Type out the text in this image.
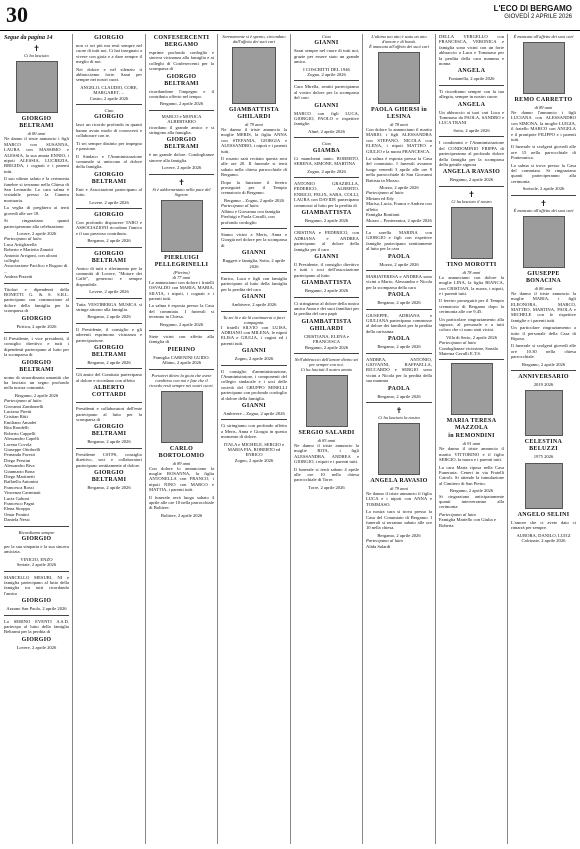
30	L'ECO DI BERGAMO
GIOVEDÌ 2 APRILE 2026
Segue da pagina 14
✝
Ci ha lasciato
GIORGIO BELTRAMI
di 80 anni

Ne danno il triste annuncio i figli MARCO con SUSANNA, LAURA con MASSIMO e ALESSIA, la sua amata ENNIO, i nipoti ALESSIA, LUCREZIA, BRIGIDA, i cognati e i parenti tutti.

Il suo ultimo saluto e la cerimonia funebre si terranno nella Chiesa di San Leonardo. Lo cara salma è visitabile presso la Camera mortuaria.

La veglia di preghiera ai terrà giovedì alle ore 18.

Si ringraziano quanti parteciperanno alla celebrazione.

Lovere, 2 aprile 2026
Partecipano al lutto:
Luca Artigliarella
Roberto e Marietta Zanotti
Antonio Arrigoni, con alcuni colleghi
Associazione Pacifico e Rogaro di ...
Andrea Pizzetti

Titolari e dipendenti della BONETTI G. & S. S.R.L. partecipano con commozione al dolore della famiglia per la scomparsa di

GIORGIO
Piritica, 2 aprile 2026

Il Presidente, i vice presidenti, il consiglio direttivo e tutti i dipendenti partecipano al lutto per la scomparsa di

GIORGIO BELTRAMI

uomo di straordinaria umanità che ha lasciato un segno profondo nella nostra comunità.

Bergamo, 2 aprile 2026
Partecipano al lutto:
Giovanni Zambonelli
Luciano Piretti
Cristian Ritti
Emiliano Amadei
Rita Rondelli
Roberto Cappelli
Alessandro Capelli
Lorena Covola
Giuseppe Ottobrelli
Fernanda Foresti
Diego Prestini
Alessandro Riva
Gianmario Bona
Diego Martinetti
Raffaella Antonini
Francesca Rossi
Vincenza Carminati
Lucia Gaboni
Francesco Pagni
Elena Stroppa
Omar Pontini
Daniela Nessi
Ricordiamo sempre
GIORGIO

per la sua simpatia e la sua sincera amicizia.

VINICIO, ENZO
Seriate, 2 aprile 2026

MARCELLO MESURI, NI e famiglia partecipano al lutto della famiglia tra tutti ricordando l'amico

GIORGIO
Azzano San Paolo, 2 aprile 2026

La SERINO EVENTI A.S.D. partecipa al lutto della famiglia Beltrami per la perdita di

GIORGIO
Lovere, 2 aprile 2026
GIORGIO

non ci sei più ma resti sempre nel cuore di tutti noi. Ci hai insegnato a vivere con gioia e a dare sempre il meglio di noi.

Nei dolore e nel silenzio ti abbracciamo forte. Sarai per sempre nei nostri cuori.

ANGELO, CLAUDIO, CORE, MARGARET, ...
Castro, 2 aprile 2026
Ciao
GIORGIO

lasci un ricordo profondo in quanti hanno avuto modo di conoscerti e collaborare con te.

Ti sei sempre distinto per impegno e passione.

Il Sindaco e l'Amministrazione comunale si uniscono al dolore della famiglia.

GIORGIO BELTRAMI

Enti e Associazioni partecipano al lutto.

Lovere, 2 aprile 2026
GIORGIO

Con profondo dispiacere TARO e ASSOCIAZIONI ricordano l'amico e il suo prezioso contributo.

Bergamo, 2 aprile 2026
GIORGIO BELTRAMI

Amico di tutti e riferimento per la comunità di Lovere, "Motore dei Caffè", generoso e sempre disponibile.

Lovere, 2 aprile 2026

Tutta VESTIBERGA MUSICA si stringe attorno alla famiglia.

Bergamo, 2 aprile 2026

Il Presidente, il consiglio e gli aderenti esprimono vicinanza e partecipazione.

GIORGIO BELTRAMI
Bergamo, 2 aprile 2026

Gli amici del Comitato partecipano al dolore e ricordano con affetto

ALBERTO COTTARDI

Presidenti e collaboratori dell'ente partecipano al lutto per la scomparsa di

GIORGIO BELTRAMI
Bergamo, 2 aprile 2026

Presidente CSTPS, consiglio direttivo, soci e collaboratori partecipano sentitamente al dolore.

GIORGIO BELTRAMI
Bergamo, 2 aprile 2026
CONFESERCENTI BERGAMO

esprime profondo cordoglio e sincera vicinanza alla famiglia e ai colleghi di Confesercenti per la scomparsa di

GIORGIO BELTRAMI

ricordandone l'impegno e il contributo offerto nel tempo.

Bergamo, 2 aprile 2026
MARCO e MONICA ALBERTARIO

ricordano il grande amico e si stringono alla famiglia.

GIORGIO BELTRAMI

è un grande dolore. Condoglianze sincere alla famiglia.

Lovere, 2 aprile 2026
✝
Si è addormentato nella pace del Signore
PIERLUIGI PELLEGRINELLI
(Pierino)
di 77 anni

Lo annunciano con dolore i fratelli OSVALDO con MARIA, MARIA, SILVIA, i nipoti, i cognati e i parenti tutti.

La salma è esposta presso la Casa del commiato. I funerali si terranno in Chiesa.

Bergamo, 2 aprile 2026

Siete vicini con affetto alla famiglia di

PIERINO
Famiglia CARENINI GUIDO.
Albino, 2 aprile 2026
Portatevi dietro la gioia che avete condiviso con noi e fate che il ricordo resti sempre nei vostri cuori.
CARLO BORTOLOMIO
di 89 anni

Con dolore lo annunciano la moglie ROSANNA, la figlia ANTONELLA con FRANCO, i nipoti NINO con MARCO e MATTIA, i parenti tutti.

Il funerale avrà luogo sabato 4 aprile alle ore 10 nella parrocchiale di Boltiere.

Boltiere, 2 aprile 2026
Serenamente si è spento, circondato dall'affetto dei suoi cari
GIAMBATTISTA GHILARDI
di 79 anni

Ne danno il triste annuncio la moglie MERIS, la figlia ANNA con STEFANIA, GIORGIA e ALESSANDRO, i nipoti e i parenti tutti.

Il rosario sarà recitato questa sera alle ore 20. Il funerale si terrà sabato nella chiesa parrocchiale di Bergamo.

Dopo la funzione il feretro proseguirà per il Tempio crematorio di Bergamo.

Bergamo – Zogno, 2 aprile 2026
Partecipano al lutto:
Albino e Giovanna con famiglia
Pierluigi e Paola Cavalli, con profondo cordoglio

Siamo vicini a Meris, Anna e Giorgia nel dolore per la scomparsa di

GIANNI
Ruggeri e famiglia, Sotto, 2 aprile 2026

Enrico, Luca e figli con famiglia partecipano al lutto della famiglia per la perdita del caro

GIANNI
Ambivere, 2 aprile 2026
Tu sei là e da là continuerai a farci compagnia.

I fratelli SILVIO con LUISA, ADRIANO con MILENA, le nipoti ELISA e GIULIA, i cugini ed i parenti tutti.

GIANNI
Zogno, 2 aprile 2026

Il consiglio d'amministrazione, l'Amministratore, i componenti del collegio sindacale e i soci delle società del GRUPPO MINELLI partecipano con profondo cordoglio al dolore della famiglia.

GIANNI
Ambivere – Zogno, 2 aprile 2026

Ci stringiamo con profondo affetto a Meris, Anna e Giorgia in questo momento di dolore.

ITALA e MICHELE, SERGIO e MARIA PIA, ROBERTO ed ENRICO
Zogno, 2 aprile 2026
Ciao
GIANNI

Sarai sempre nel cuore di tutti noi, grazie per essere stato un grande amico.

I COSCRITTI DEL 1946
Zogno, 2 aprile 2026

Cara Mirella, sentiti partecipiamo al vostro dolore per la scomparsa del caro

GIANNI

MARCO con figli LUCA, GIORGIO, PAOLO e rispettive famiglie.

Almè, 2 aprile 2026
Ciao
GIAMBA

Ci mancherai tanto. ROBERTO, SERENA, SIMONE, MARTINA

Zogno, 2 aprile 2026

ANTONIO GRAZIELLA, FEDERICO, ALBERTO, ENRICO, FELIX, SARA, COLLI, LAURA con DAVIDE partecipano commossi al lutto per la perdita di

GIAMBATTISTA
Bergamo, 2 aprile 2026

CRISTINA e FEDERICO, con ADRIANA e ANDREA partecipano al dolore della famiglia per il caro

GIANNI

Il Presidente, il consiglio direttivo e tutti i soci dell'associazione partecipano al lutto.

GIAMBATTISTA
Bergamo, 2 aprile 2026

Ci stringiamo al dolore della nostra amica Anna e dei suoi familiari per la perdita del caro papà

GIAMBATTISTA GHILARDI
CRISTIANA, ELENA e FRANCESCA
Bergamo, 2 aprile 2026
Nell'abbraccio dell'amore divino sei per sempre con noi.
Ci ha lasciati il nostro amato
SERGIO SALARDI
di 83 anni

Ne danno il triste annuncio la moglie RITA, i figli ALESSANDRA, ANDREA e GIORGIO, i nipoti e i parenti tutti.

Il funerale si terrà sabato 4 aprile alle ore 10 nella chiesa parrocchiale di Torre.

Torre, 2 aprile 2026
L'ultimo tuo atto è stato un atto d'amore e di bontà.
È mancata all'affetto dei suoi cari
PAOLA GHERSI in LESINA
di 78 anni

Con dolore lo annunciano il marito MARIO, i figli ALESSANDRA con STEFANO, NICOLA con ELENA, i nipoti MATTEO e GIULIO e la nuora FRANCESCA.

La salma è esposta presso la Casa del commiato. I funerali avranno luogo venerdì 3 aprile alle ore 9 nella parrocchiale di San Giovanni Battista in Mozzo.

Mozzo, 2 aprile 2026
Partecipano al lutto:
Miriam ed Edy
Marisa, Lucia, Franca e Andrea con affetto
Famiglia Bonfanti
Mozzo – Ponteranica, 2 aprile 2026

La sorella MARINA con GIORGIO e figli con rispettive famiglie partecipano sentitamente al lutto per la cara

PAOLA
Mozzo, 2 aprile 2026

MARIATERESA e ANDREA sono vicini a Mario, Alessandra e Nicola per la scomparsa della cara

PAOLA
Bergamo, 2 aprile 2026

GIUSEPPE, ADRIANA e GIULIANA partecipano commosse al dolore dei familiari per la perdita della carissima

PAOLA
Bergamo, 2 aprile 2026

ANDREA, ANTONIO, GIOVANNI, RAFFAELLA, RICCARDO e SERGIO sono vicini a Nicola per la perdita della sua mamma

PAOLA
Bergamo, 2 aprile 2026
✝
Ci ha lasciato la nostra
ANGELA RAVASIO
di 79 anni

Ne danno il triste annuncio il figlio LUCA e i nipoti con ANNA e TOMMASO.

La nostra cara si trova presso la Casa del Commiato di Bergamo. I funerali si terranno sabato alle ore 10 nella chiesa.

Bergamo, 2 aprile 2026
Partecipano al lutto
Alida Salardi

DELLA VERGELLO con FRANCESCA, VERONICA e famiglia sono vicini con un forte abbraccio a Luca e Tommaso per la perdita della cara mamma e nonna

ANGELA
Fontanella, 2 aprile 2026

Ti ricordiamo sempre con la tua allegria, sempre in nostro cuore.

ANGELA

Un abbraccio ai tuoi cari Luca e Tommaso da PAOLA, SANDRO e LUCA TRANI

Sotto, 2 aprile 2026

I condomini e l'Amministrazione del CONDOMINIO FRIPPA di parteciperanno al profondo dolore della famiglia per la scomparsa della gentile signora

ANGELA RAVASIO
Bergamo, 2 aprile 2026
✝
Ci ha lasciato il nostro
TINO MOROTTI
di 78 anni

Lo annunciano con dolore la moglie LINA, la figlia BIANCA, con CRISTIAN, la nuora, i nipoti, e i parenti tutti.

Il feretro proseguirà per il Tempio crematorio di Bergamo dopo la cerimonia alle ore 9,45.

Un particolare ringraziamento alla signora, al personale e a tutti coloro che ci sono stati vicini.

Villa di Serio, 2 aprile 2026
Partecipano al lutto
Condoglianze vicissime, Sonala Materna Cavalli E.T.S.
MARIA TERESA MAZZOLA
in REMONDINI
di 91 anni

Ne danno il triste annuncio il marito VITTORINO e il figlio SERGIO, la nuora e i parenti tutti.

La cara Maria riposa nella Casa Funeraria. Ceneri in via Fratelli Cairoli. Si attende la tumulazione al Cimitero di San Pietro.

Bergamo, 2 aprile 2026

Si ringraziano anticipatamente quanti interverranno alla cerimonia.

Partecipano al lutto
Famiglia Martello con Giulia e Roberta
È mancata all'affetto dei suoi cari
REMO CARRETTO
di 89 anni

Ne danno l'annuncio i figli LUCIANA con ALESSANDRO con SIMONA, la moglie LUIGIA, il fratello MARCO con ANGELA e il pronipote FILIPPO e i parenti tutti.

Il funerale si svolgerà giovedì alle ore 15 nella parrocchiale di Ponteranica.

La salma si trova presso la Casa del commiato. Si ringraziano quanti parteciperanno alla cerimonia.

Sorisole, 2 aprile 2026
✝
È mancato all'affetto dei suoi cari
GIUSEPPE BONACINA
di 86 anni

Ne danno il triste annuncio la moglie MARIA, i figli ELEONORA, MARCO, MATTEO, MARTINA, PAOLA e MICHELE con le rispettive famiglie e i parenti tutti.

Un particolare ringraziamento a tutto il personale della Casa di Riposo.

Il funerale si svolgerà giovedì alle ore 10.30 nella chiesa parrocchiale.

Bergamo, 2 aprile 2026
ANNIVERSARIO
2019 2026
CELESTINA BELUZZI
1975 2026
ANGELO SELINI

L'amore che ci avete dato ci rimarrà per sempre.

AURORA, DANILO, LUIGI
Calcinate, 2 aprile 2026
